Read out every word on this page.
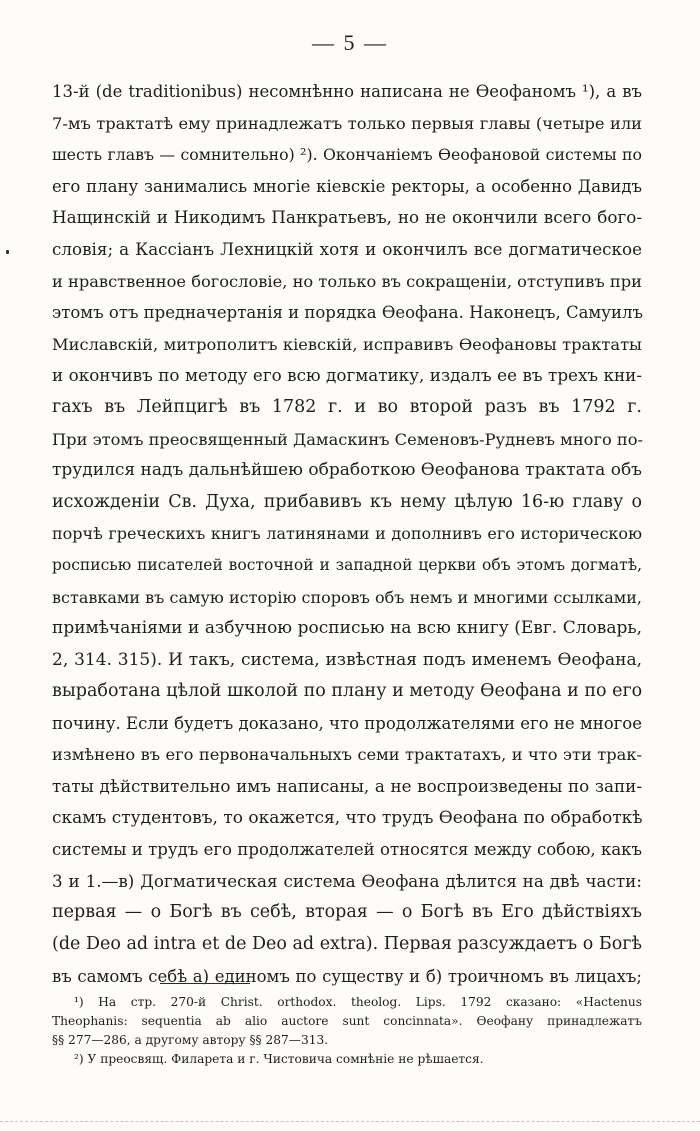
— 5 —
13-й (de traditionibus) несомнѣнно написана не Ѳеофаномъ ¹), а въ
7-мъ трактатѣ ему принадлежатъ только первыя главы (четыре или
шесть главъ — сомнительно) ²). Окончаніемъ Ѳеофановой системы по
его плану занимались многіе кіевскіе ректоры, а особенно Давидъ
Нащинскій и Никодимъ Панкратьевъ, но не окончили всего бого-
словія; а Кассіанъ Лехницкій хотя и окончилъ все догматическое
и нравственное богословіе, но только въ сокращеніи, отступивъ при
этомъ отъ предначертанія и порядка Ѳеофана. Наконецъ, Самуилъ
Миславскій, митрополитъ кіевскій, исправивъ Ѳеофановы трактаты
и окончивъ по методу его всю догматику, издалъ ее въ трехъ кни-
гахъ въ Лейпцигѣ въ 1782 г. и во второй разъ въ 1792 г.
При этомъ преосвященный Дамаскинъ Семеновъ-Рудневъ много по-
трудился надъ дальнѣйшею обработкою Ѳеофанова трактата объ
исхожденіи Св. Духа, прибавивъ къ нему цѣлую 16-ю главу о
порчѣ греческихъ книгъ латинянами и дополнивъ его историческою
росписью писателей восточной и западной церкви объ этомъ догматѣ,
вставками въ самую исторію споровъ объ немъ и многими ссылками,
примѣчаніями и азбучною росписью на всю книгу (Евг. Словарь,
2, 314. 315). И такъ, система, извѣстная подъ именемъ Ѳеофана,
выработана цѣлой школой по плану и методу Ѳеофана и по его
почину. Если будетъ доказано, что продолжателями его не многое
измѣнено въ его первоначальныхъ семи трактатахъ, и что эти трак-
таты дѣйствительно имъ написаны, а не воспроизведены по запи-
скамъ студентовъ, то окажется, что трудъ Ѳеофана по обработкѣ
системы и трудъ его продолжателей относятся между собою, какъ
3 и 1.—в) Догматическая система Ѳеофана дѣлится на двѣ части:
первая — о Богѣ въ себѣ, вторая — о Богѣ въ Его дѣйствіяхъ
(de Deo ad intra et de Deo ad extra). Первая разсуждаетъ о Богѣ
въ самомъ себѣ а) единомъ по существу и б) троичномъ въ лицахъ;
¹) На стр. 270-й Christ. orthodox. theolog. Lips. 1792 сказано: «Hactenus
Theophanis: sequentia ab alio auctore sunt concinnata». Ѳеофану принадлежатъ
§§ 277—286, а другому автору §§ 287—313.
²) У преосвящ. Филарета и г. Чистовича сомнѣніе не рѣшается.
